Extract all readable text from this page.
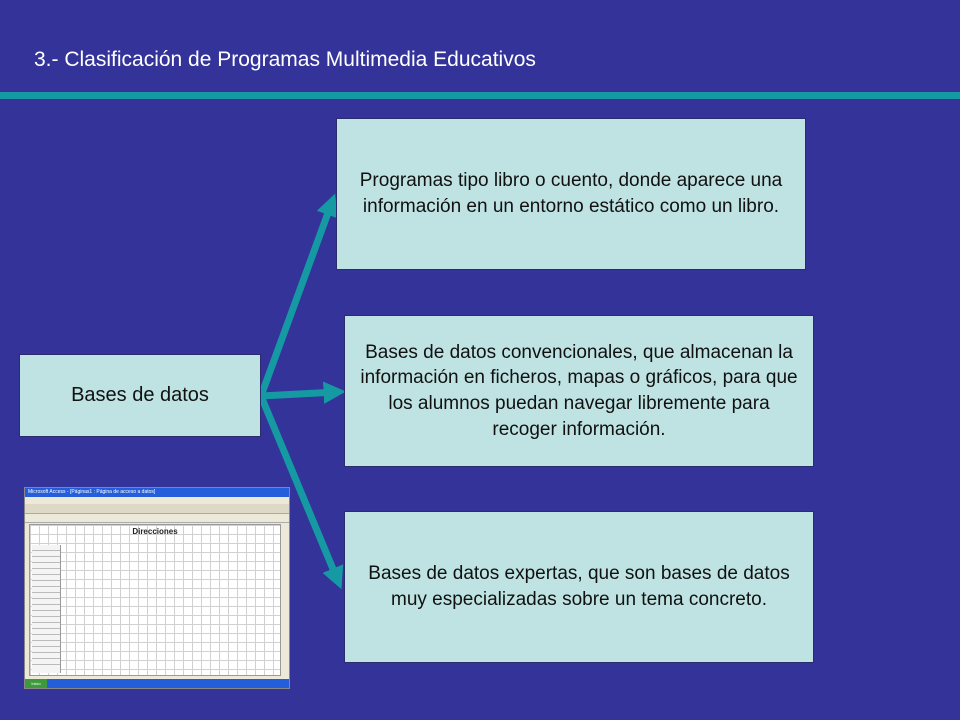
3.- Clasificación de Programas Multimedia Educativos
Bases de datos
Programas tipo libro o cuento, donde aparece una información en un entorno estático como un libro.
Bases de datos convencionales, que almacenan la información en ficheros, mapas o gráficos, para que los alumnos puedan navegar libremente para recoger información.
Bases de datos expertas, que son bases de datos muy especializadas sobre un tema concreto.
Microsoft Access - [Páginas1 : Página de acceso a datos]
Direcciones
Inicio
